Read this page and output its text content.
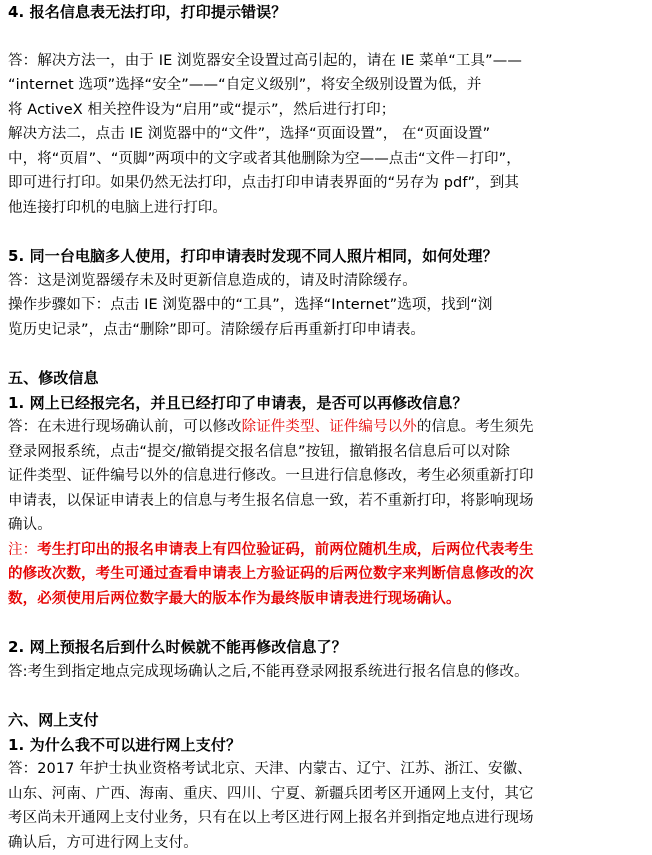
4. 报名信息表无法打印，打印提示错误？
答：解决方法一，由于 IE 浏览器安全设置过高引起的，请在 IE 菜单“工具”——
“internet 选项”选择“安全”——“自定义级别”，将安全级别设置为低，并
将 ActiveX 相关控件设为“启用”或“提示”，然后进行打印；
解决方法二，点击 IE 浏览器中的“文件”，选择“页面设置”， 在“页面设置”
中，将“页眉”、“页脚”两项中的文字或者其他删除为空——点击“文件－打印”，
即可进行打印。如果仍然无法打印，点击打印申请表界面的“另存为 pdf”，到其
他连接打印机的电脑上进行打印。
5. 同一台电脑多人使用，打印申请表时发现不同人照片相同，如何处理？
答：这是浏览器缓存未及时更新信息造成的，请及时清除缓存。
操作步骤如下：点击 IE 浏览器中的“工具”，选择“Internet”选项，找到“浏
览历史记录”，点击“删除”即可。清除缓存后再重新打印申请表。
五、修改信息
1. 网上已经报完名，并且已经打印了申请表，是否可以再修改信息？
答：在未进行现场确认前，可以修改除证件类型、证件编号以外的信息。考生须先
登录网报系统，点击“提交/撤销提交报名信息”按钮，撤销报名信息后可以对除
证件类型、证件编号以外的信息进行修改。一旦进行信息修改，考生必须重新打印
申请表，以保证申请表上的信息与考生报名信息一致，若不重新打印，将影响现场
确认。
注：考生打印出的报名申请表上有四位验证码，前两位随机生成，后两位代表考生
的修改次数，考生可通过查看申请表上方验证码的后两位数字来判断信息修改的次
数，必须使用后两位数字最大的版本作为最终版申请表进行现场确认。
2. 网上预报名后到什么时候就不能再修改信息了？
答:考生到指定地点完成现场确认之后,不能再登录网报系统进行报名信息的修改。
六、网上支付
1. 为什么我不可以进行网上支付？
答：2017 年护士执业资格考试北京、天津、内蒙古、辽宁、江苏、浙江、安徽、
山东、河南、广西、海南、重庆、四川、宁夏、新疆兵团考区开通网上支付，其它
考区尚未开通网上支付业务，只有在以上考区进行网上报名并到指定地点进行现场
确认后，方可进行网上支付。
